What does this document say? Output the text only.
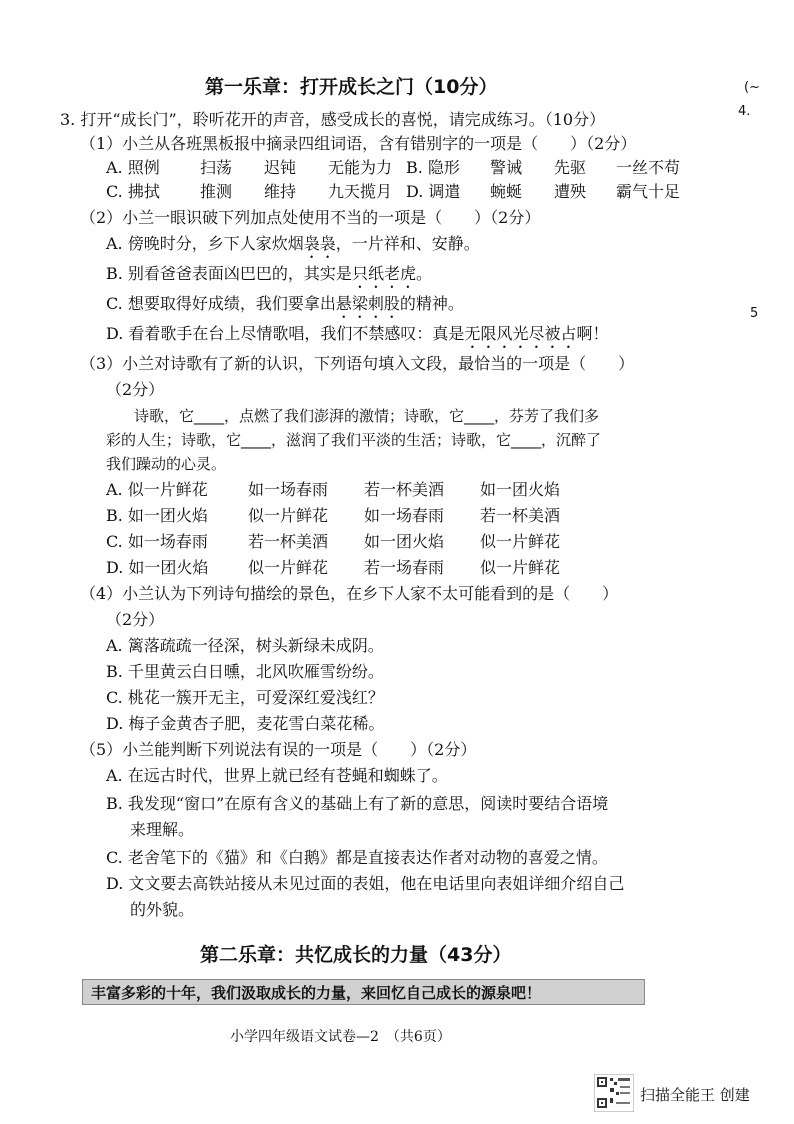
第一乐章：打开成长之门（10分）	(~
4.
5
3. 打开“成长门”，聆听花开的声音，感受成长的喜悦，请完成练习。（10分）
（1）小兰从各班黑板报中摘录四组词语，含有错别字的一项是（　　）（2分）
A. 照例	扫荡 迟钝 无能为力 B. 隐形 警诫 先驱 一丝不苟
C. 拂拭	推测 维持 九天揽月 D. 调遣 蜿蜒 遭殃 霸气十足
（2）小兰一眼识破下列加点处使用不当的一项是（　　）（2分）
A. 傍晚时分，乡下人家炊烟袅袅，一片祥和、安静。
B. 别看爸爸表面凶巴巴的，其实是只纸老虎。
C. 想要取得好成绩，我们要拿出悬梁刺股的精神。
D. 看着歌手在台上尽情歌唱，我们不禁感叹：真是无限风光尽被占啊！
（3）小兰对诗歌有了新的认识，下列语句填入文段，最恰当的一项是（　　）
（2分）
诗歌，它____，点燃了我们澎湃的激情；诗歌，它____，芬芳了我们多
彩的人生；诗歌，它____，滋润了我们平淡的生活；诗歌，它____，沉醉了
我们躁动的心灵。
A. 似一片鲜花	如一场春雨 若一杯美酒 如一团火焰
B. 如一团火焰	似一片鲜花 如一场春雨 若一杯美酒
C. 如一场春雨	若一杯美酒 如一团火焰 似一片鲜花
D. 如一团火焰 似一片鲜花 若一场春雨 似一片鲜花
（4）小兰认为下列诗句描绘的景色，在乡下人家不太可能看到的是（　　）
（2分）
A. 篱落疏疏一径深，树头新绿未成阴。
B. 千里黄云白日曛，北风吹雁雪纷纷。
C. 桃花一簇开无主，可爱深红爱浅红？
D. 梅子金黄杏子肥，麦花雪白菜花稀。
（5）小兰能判断下列说法有误的一项是（　　）（2分）
A. 在远古时代，世界上就已经有苍蝇和蜘蛛了。
B. 我发现“窗口”在原有含义的基础上有了新的意思，阅读时要结合语境
来理解。
C. 老舍笔下的《猫》和《白鹅》都是直接表达作者对动物的喜爱之情。
D. 文文要去高铁站接从未见过面的表姐，他在电话里向表姐详细介绍自己
的外貌。
第二乐章：共忆成长的力量（43分）
丰富多彩的十年，我们汲取成长的力量，来回忆自己成长的源泉吧！
小学四年级语文试卷—2　（共6页）
扫描全能王 创建
